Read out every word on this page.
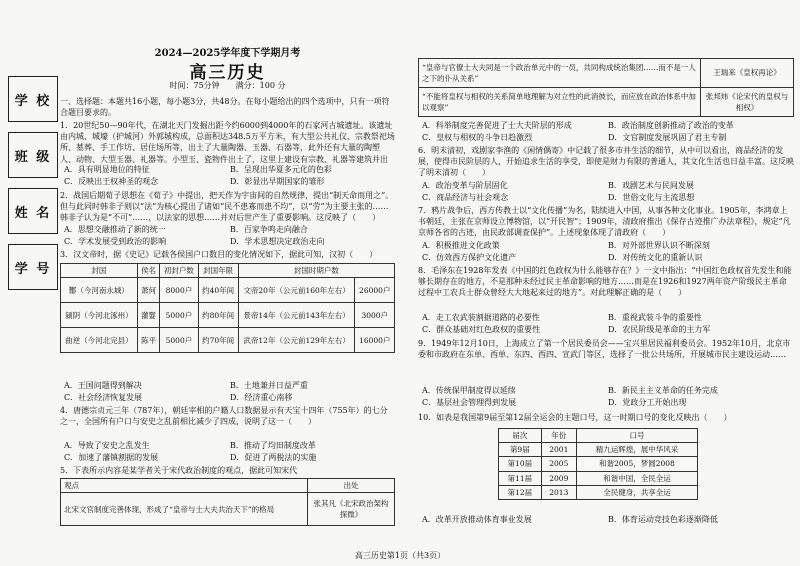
学 校
班 级
姓 名
学 号
2024—2025学年度下学期月考
高三历史
时间：75分钟　　满分：100 分
一、选择题：本题共16小题，每小题3分，共48分。在每小题给出的四个选项中，只有一项符合题目要求的。
1．20世纪50—90年代，在湖北天门发掘出距今约6000到4000年的石家河古城遗址。该遗址由内城、城壕（护城河）外郭城构成，总面积达348.5万平方米，有大型公共礼仪、宗教祭祀场所、墓葬、手工作坊、居住场所等，出土了大量陶器、玉器、石器等，此外还有大量的陶塑人、动物、大型玉器、礼器等。小型玉、瓷物件出土了，这里上建设有宗教、礼器等建筑并出　　
A．具有明显地位的特征	B．呈现出华夏多元化的色彩
C．反映出王权神圣的观念	D．彰显出早期国家的雏形
2．战国后期荀子思想在《荀子》中提出，把天作为宇宙间的自然规律，提出“制天命而用之”。但与此同时韩非子则以“法”为核心提出了诸如“民不患寡而患不均”，以“劳”为主要主张的……韩非子认为是“不可”……，以法家的思想……并对后世产生了重要影响。这反映了（　　）
A．思想交融推动了新的统一	B．百家争鸣走向融合
C．学术发展受到政治的影响	D．学术思想决定政治走向
3．汉文帝时，据《史记》记载各侯国户口数目的变化情况如下，据此可知，汉初（　　）
封国	侯名	初封户数	封国年限	封国时期户数	
酇（今河南永城）	萧何	8000户	约40年间	文帝20年（公元前160年左右）	26000户
颍阴（今河北涿州）	灌婴	5000户	约80年间	景帝14年（公元前143年左右）	3000户
曲逆（今河北完县）	陈平	5000户	约70年间	武帝12年（公元前129年左右）	16000户
A．王国问题得到解决	B．土地兼并日益严重
C．社会经济恢复发展	D．经济重心南移
4．唐德宗贞元三年（787年），朝廷宰相的户籍人口数据显示有天宝十四年（755年）的七分之一，全国所有户口与安史之乱前相比减少了四成，说明了这一（　　）
A．导致了安史之乱发生	B．推动了均田制度改革
C．加速了藩镇割据的发展	D．促进了两税法的实施
5．下表所示内容是某学者关于宋代政治制度的观点，据此可知宋代
观点	出处
北宋文官制度完善体现，形成了“皇帝与士大夫共治天下”的格局	张其凡《北宋政治架构探微》
“皇帝与官僚士大夫同是一个政治单元中的一员，共同构成统治集团……而不是一人之下的仆从关系”	王瑞来《皇权再论》
“不能将皇权与相权的关系简单地理解为对立性的此消彼长，而应放在政治体系中加以观察”	张邦炜《论宋代的皇权与相权》
A．科举制度完善促进了士大夫阶层的形成	B．政治制度创新推动了政治的变革
C．皇权与相权的斗争日趋激烈	D．文官制度发展巩固了君主专制
6．明末清初，戏剧家李渔的《闲情偶寄》中记载了很多市井生活的细节，从中可以看出，商品经济的发展，使得市民阶层的人，开始追求生活的享受，即使是财力有限的普通人，其文化生活也日益丰富。这反映了明末清初（　　）
A．政治变革与阶层固化	B．戏剧艺术与民间发展
C．商品经济与社会观念	D．世俗文化与主流思想
7．鸦片战争后，西方传教士以“文化传播”为名，陆续进入中国，从事各种文化事业。1905年，李鸿章上书朝廷，主张在京师设立博物馆，以“开民智”；1909年，清政府推出《保存古迹推广办法章程》，规定“凡京师各省的古迹，由民政部调查保护”。上述现象体现了清政府（　　）
A．积极推进文化政策	B．对外部世界认识不断深刻
C．仿效西方保护文化遗产	D．对传统文化的重新认识
8．毛泽东在1928年发表《中国的红色政权为什么能够存在？》一文中指出：“中国红色政权首先发生和能够长期存在的地方，不是那种未经过民主革命影响的地方……而是在1926和1927两年资产阶级民主革命过程中工农兵士群众曾经大大地起来过的地方”。对此理解正确的是（　　）
A．走工农武装割据道路的必要性	B．重视武装斗争的重要性
C．群众基础对红色政权的重要性	D．农民阶级是革命的主力军
9．1949年12月10日，上海成立了第一个居民委员会——宝兴里居民福利委员会。1952年10月，北京市委和市政府在东单、西单、东四、西四、宣武门等区，选择了一批公共场所，开展城市民主建设运动……
A．传统保甲制度得以延续	B．新民主主义革命的任务完成
C．基层社会管理得到发展	D．党政分工开始出现
10．如表是我国第9届至第12届全运会的主题口号，这一时期口号的变化反映出（　　）
届次	年份	口号
第9届	2001	精九运辉煌，展中华风采
第10届	2005	和谐2005，梦圆2008
第11届	2009	和谐中国，全民全运
第12届	2013	全民健身，共享全运
A．改革开放推动体育事业发展	B．体育运动竞技色彩逐渐降低
高三历史第1页（共3页）
